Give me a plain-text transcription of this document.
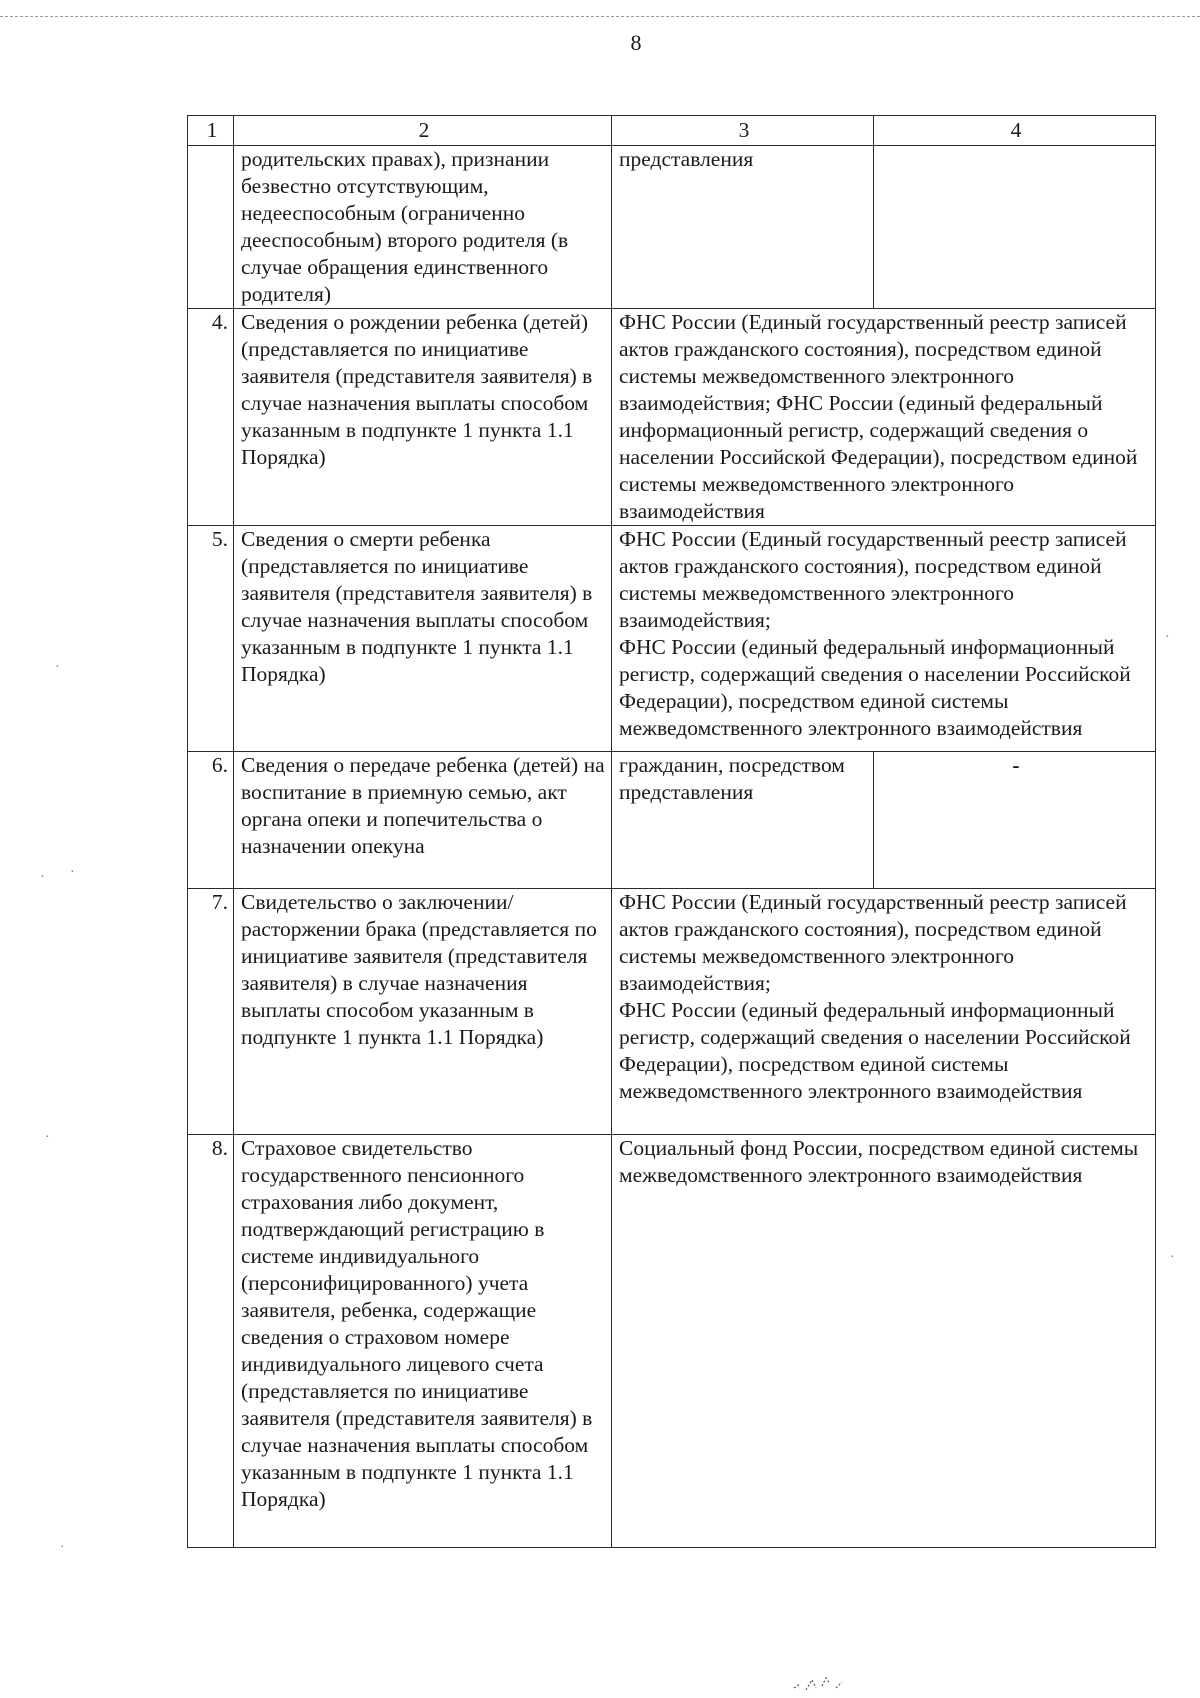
8
1	2	3	4
	родительских правах), признании безвестно отсутствующим, недееспособным (ограниченно дееспособным) второго родителя (в случае обращения единственного родителя)	представления	
4.	Сведения о рождении ребенка (детей) (представляется по инициативе заявителя (представителя заявителя) в случае назначения выплаты способом указанным в подпункте 1 пункта 1.1 Порядка)	ФНС России (Единый государственный реестр записей актов гражданского состояния), посредством единой системы межведомственного электронного взаимодействия; ФНС России (единый федеральный информационный регистр, содержащий сведения о населении Российской Федерации), посредством единой системы межведомственного электронного взаимодействия	
5.	Сведения о смерти ребенка (представляется по инициативе заявителя (представителя заявителя) в случае назначения выплаты способом указанным в подпункте 1 пункта 1.1 Порядка)	ФНС России (Единый государственный реестр записей актов гражданского состояния), посредством единой системы межведомственного электронного взаимодействия;
ФНС России (единый федеральный информационный регистр, содержащий сведения о населении Российской Федерации), посредством единой системы межведомственного электронного взаимодействия	

6.	Сведения о передаче ребенка (детей) на воспитание в приемную семью, акт органа опеки и попечительства о назначении опекуна	гражданин, посредством представления	-
7.	Свидетельство о заключении/расторжении брака (представляется по инициативе заявителя (представителя заявителя) в случае назначения выплаты способом указанным в подпункте 1 пункта 1.1 Порядка)	ФНС России (Единый государственный реестр записей актов гражданского состояния), посредством единой системы межведомственного электронного взаимодействия;
ФНС России (единый федеральный информационный регистр, содержащий сведения о населении Российской Федерации), посредством единой системы межведомственного электронного взаимодействия	

8.	Страховое свидетельство государственного пенсионного страхования либо документ, подтверждающий регистрацию в системе индивидуального (персонифицированного) учета заявителя, ребенка, содержащие сведения о страховом номере индивидуального лицевого счета (представляется по инициативе заявителя (представителя заявителя) в случае назначения выплаты способом указанным в подпункте 1 пункта 1.1 Порядка)	Социальный фонд России, посредством единой системы межведомственного электронного взаимодействия	
·
· ·
·
·
·
·
